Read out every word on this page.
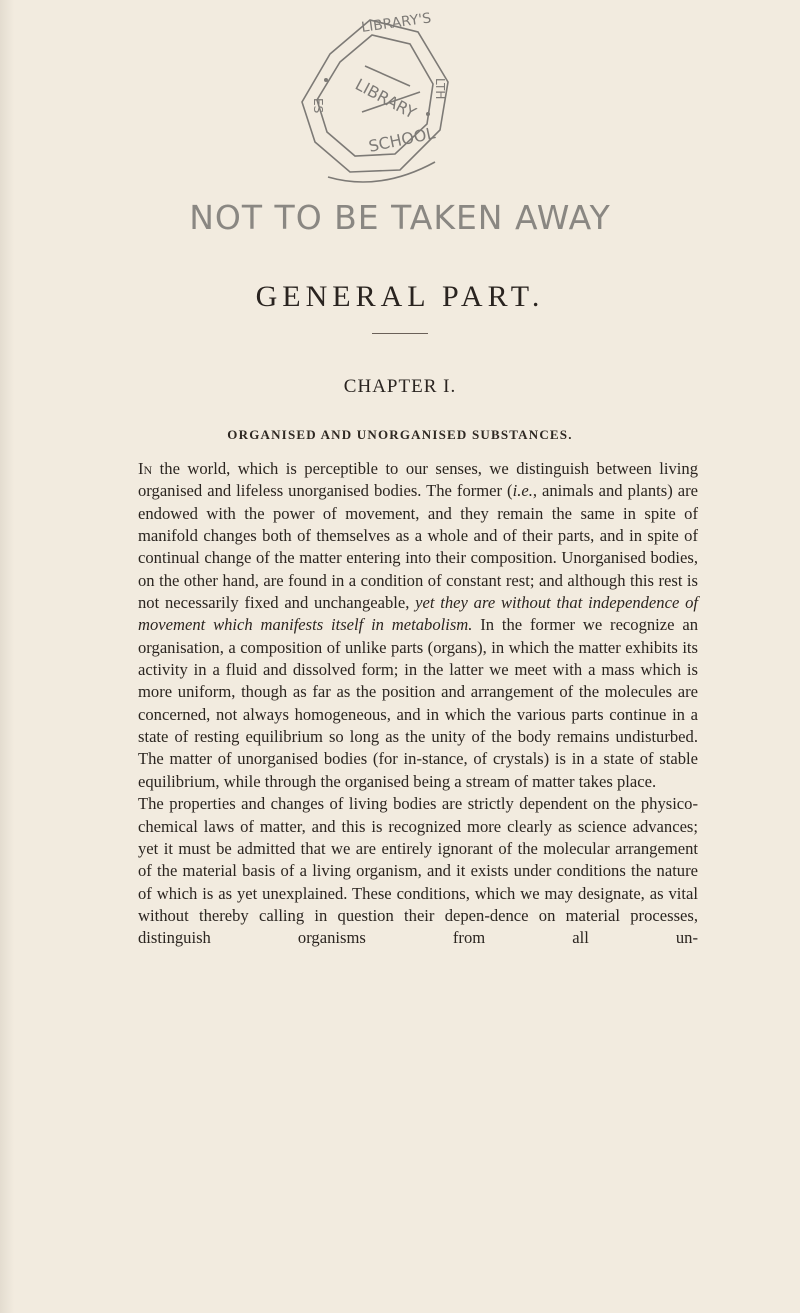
LIBRARY'S
LIBRARY
SCHOOL
ES
LTH
NOT TO BE TAKEN AWAY
GENERAL PART.
CHAPTER I.
ORGANISED AND UNORGANISED SUBSTANCES.

In the world, which is perceptible to our senses, we distinguish between living organised and lifeless unorganised bodies. The former (i.e., animals and plants) are endowed with the power of movement, and they remain the same in spite of manifold changes both of themselves as a whole and of their parts, and in spite of continual change of the matter entering into their composition. Unorganised bodies, on the other hand, are found in a condition of constant rest; and although this rest is not necessarily fixed and unchangeable, yet they are without that independence of movement which manifests itself in metabolism. In the former we recognize an organisation, a composition of unlike parts (organs), in which the matter exhibits its activity in a fluid and dissolved form; in the latter we meet with a mass which is more uniform, though as far as the position and arrangement of the molecules are concerned, not always homogeneous, and in which the various parts continue in a state of resting equilibrium so long as the unity of the body remains undisturbed. The matter of unorganised bodies (for in-stance, of crystals) is in a state of stable equilibrium, while through the organised being a stream of matter takes place.

The properties and changes of living bodies are strictly dependent on the physico-chemical laws of matter, and this is recognized more clearly as science advances; yet it must be admitted that we are entirely ignorant of the molecular arrangement of the material basis of a living organism, and it exists under conditions the nature of which is as yet unexplained. These conditions, which we may designate, as vital without thereby calling in question their depen-dence on material processes, distinguish organisms from all un-
